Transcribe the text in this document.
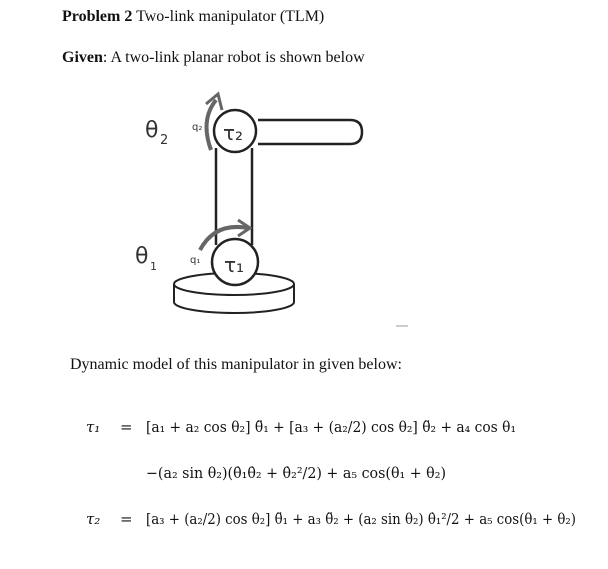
Problem 2 Two-link manipulator (TLM)
Given: A two-link planar robot is shown below
θ 2
q₂ τ₂
θ 1	q₁ τ₁
Dynamic model of this manipulator in given below:
τ₁ = [a₁ + a₂ cos θ₂] θ̈₁ + [a₃ + (a₂/2) cos θ₂] θ̈₂ + a₄ cos θ₁
−(a₂ sin θ₂)(θ̇₁θ̇₂ + θ̇₂²/2) + a₅ cos(θ₁ + θ₂)
τ₂ = [a₃ + (a₂/2) cos θ₂] θ̈₁ + a₃ θ̈₂ + (a₂ sin θ₂) θ̇₁²/2 + a₅ cos(θ₁ + θ₂)
